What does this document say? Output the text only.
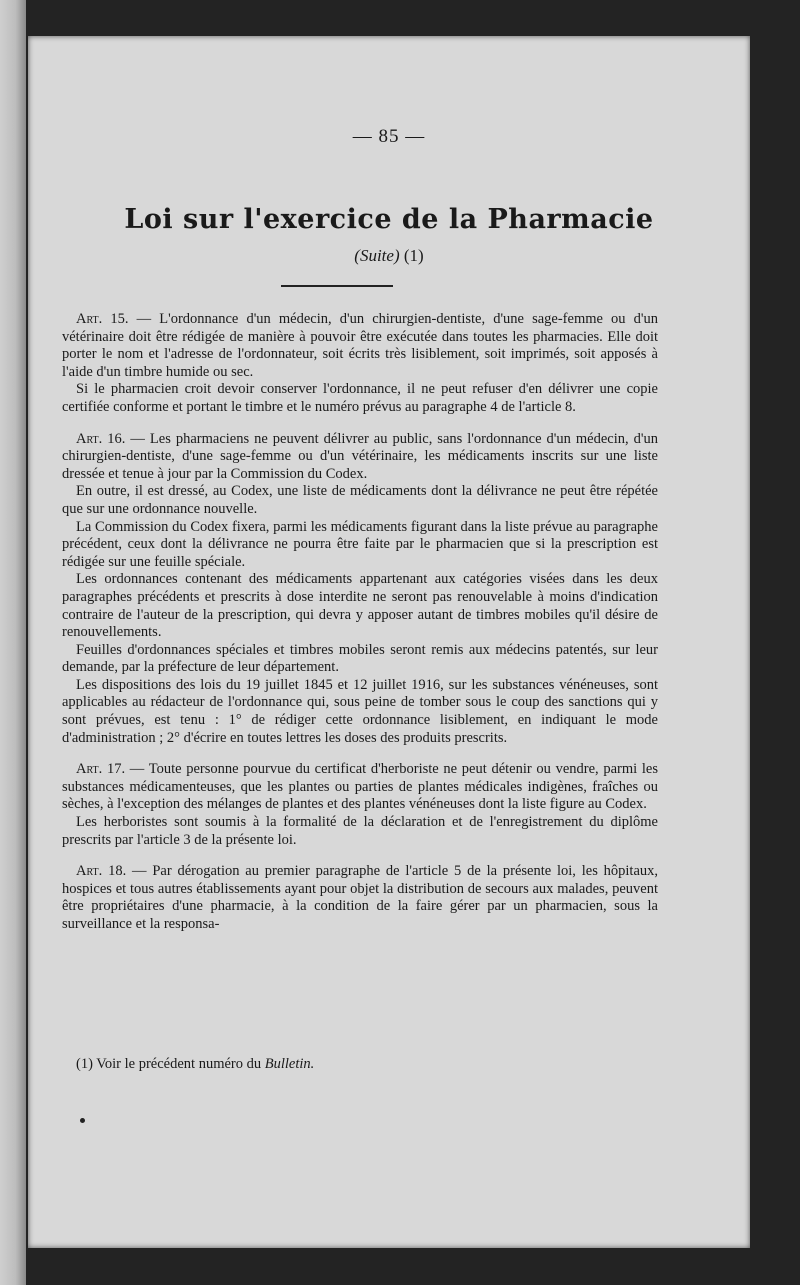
— 85 —
Loi sur l'exercice de la Pharmacie
(Suite) (1)

Art. 15. — L'ordonnance d'un médecin, d'un chirurgien-dentiste, d'une sage-femme ou d'un vétérinaire doit être rédigée de manière à pouvoir être exécutée dans toutes les pharmacies. Elle doit porter le nom et l'adresse de l'ordonnateur, soit écrits très lisiblement, soit imprimés, soit apposés à l'aide d'un timbre humide ou sec.

Si le pharmacien croit devoir conserver l'ordonnance, il ne peut refuser d'en délivrer une copie certifiée conforme et portant le timbre et le numéro prévus au paragraphe 4 de l'article 8.

Art. 16. — Les pharmaciens ne peuvent délivrer au public, sans l'ordonnance d'un médecin, d'un chirurgien-dentiste, d'une sage-femme ou d'un vétérinaire, les médicaments inscrits sur une liste dressée et tenue à jour par la Commission du Codex.

En outre, il est dressé, au Codex, une liste de médicaments dont la délivrance ne peut être répétée que sur une ordonnance nouvelle.

La Commission du Codex fixera, parmi les médicaments figurant dans la liste prévue au paragraphe précédent, ceux dont la délivrance ne pourra être faite par le pharmacien que si la prescription est rédigée sur une feuille spéciale.

Les ordonnances contenant des médicaments appartenant aux catégories visées dans les deux paragraphes précédents et prescrits à dose interdite ne seront pas renouvelable à moins d'indication contraire de l'auteur de la prescription, qui devra y apposer autant de timbres mobiles qu'il désire de renouvellements.

Feuilles d'ordonnances spéciales et timbres mobiles seront remis aux médecins patentés, sur leur demande, par la préfecture de leur département.

Les dispositions des lois du 19 juillet 1845 et 12 juillet 1916, sur les substances vénéneuses, sont applicables au rédacteur de l'ordonnance qui, sous peine de tomber sous le coup des sanctions qui y sont prévues, est tenu : 1° de rédiger cette ordonnance lisiblement, en indiquant le mode d'administration ; 2° d'écrire en toutes lettres les doses des produits prescrits.

Art. 17. — Toute personne pourvue du certificat d'herboriste ne peut détenir ou vendre, parmi les substances médicamenteuses, que les plantes ou parties de plantes médicales indigènes, fraîches ou sèches, à l'exception des mélanges de plantes et des plantes vénéneuses dont la liste figure au Codex.

Les herboristes sont soumis à la formalité de la déclaration et de l'enregistrement du diplôme prescrits par l'article 3 de la présente loi.

Art. 18. — Par dérogation au premier paragraphe de l'article 5 de la présente loi, les hôpitaux, hospices et tous autres établissements ayant pour objet la distribution de secours aux malades, peuvent être propriétaires d'une pharmacie, à la condition de la faire gérer par un pharmacien, sous la surveillance et la responsa-

(1) Voir le précédent numéro du Bulletin.
